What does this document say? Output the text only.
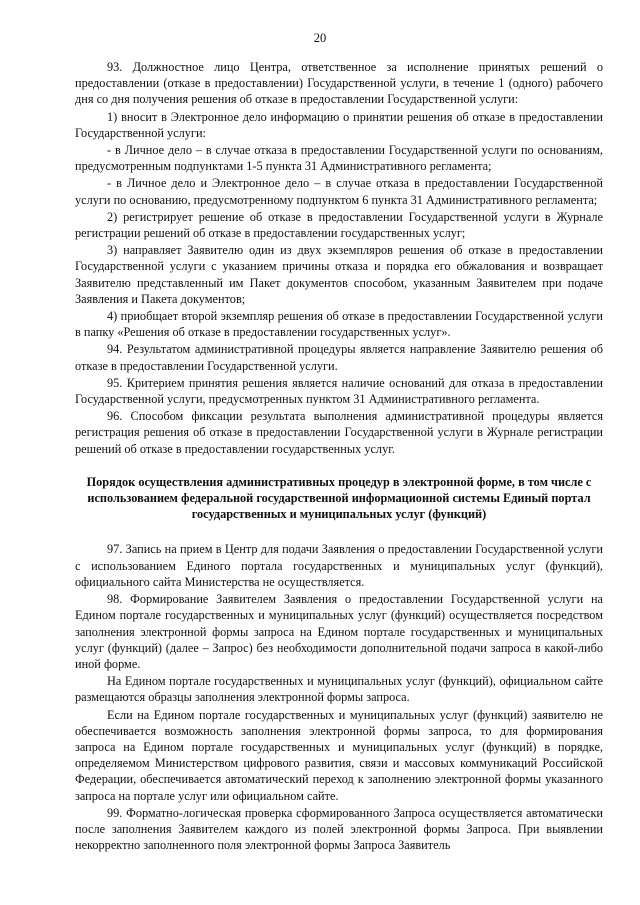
20

93. Должностное лицо Центра, ответственное за исполнение принятых решений о предоставлении (отказе в предоставлении) Государственной услуги, в течение 1 (одного) рабочего дня со дня получения решения об отказе в предоставлении Государственной услуги:

1) вносит в Электронное дело информацию о принятии решения об отказе в предоставлении Государственной услуги:

- в Личное дело – в случае отказа в предоставлении Государственной услуги по основаниям, предусмотренным подпунктами 1-5 пункта 31 Административного регламента;

- в Личное дело и Электронное дело – в случае отказа в предоставлении Государственной услуги по основанию, предусмотренному подпунктом 6 пункта 31 Административного регламента;

2) регистрирует решение об отказе в предоставлении Государственной услуги в Журнале регистрации решений об отказе в предоставлении государственных услуг;

3) направляет Заявителю один из двух экземпляров решения об отказе в предоставлении Государственной услуги с указанием причины отказа и порядка его обжалования и возвращает Заявителю представленный им Пакет документов способом, указанным Заявителем при подаче Заявления и Пакета документов;

4) приобщает второй экземпляр решения об отказе в предоставлении Государственной услуги в папку «Решения об отказе в предоставлении государственных услуг».

94. Результатом административной процедуры является направление Заявителю решения об отказе в предоставлении Государственной услуги.

95. Критерием принятия решения является наличие оснований для отказа в предоставлении Государственной услуги, предусмотренных пунктом 31 Административного регламента.

96. Способом фиксации результата выполнения административной процедуры является регистрация решения об отказе в предоставлении Государственной услуги в Журнале регистрации решений об отказе в предоставлении государственных услуг.

Порядок осуществления административных процедур в электронной форме, в том числе с использованием федеральной государственной информационной системы Единый портал государственных и муниципальных услуг (функций)

97. Запись на прием в Центр для подачи Заявления о предоставлении Государственной услуги с использованием Единого портала государственных и муниципальных услуг (функций), официального сайта Министерства не осуществляется.

98. Формирование Заявителем Заявления о предоставлении Государственной услуги на Едином портале государственных и муниципальных услуг (функций) осуществляется посредством заполнения электронной формы запроса на Едином портале государственных и муниципальных услуг (функций) (далее – Запрос) без необходимости дополнительной подачи запроса в какой-либо иной форме.

На Едином портале государственных и муниципальных услуг (функций), официальном сайте размещаются образцы заполнения электронной формы запроса.

Если на Едином портале государственных и муниципальных услуг (функций) заявителю не обеспечивается возможность заполнения электронной формы запроса, то для формирования запроса на Едином портале государственных и муниципальных услуг (функций) в порядке, определяемом Министерством цифрового развития, связи и массовых коммуникаций Российской Федерации, обеспечивается автоматический переход к заполнению электронной формы указанного запроса на портале услуг или официальном сайте.

99. Форматно-логическая проверка сформированного Запроса осуществляется автоматически после заполнения Заявителем каждого из полей электронной формы Запроса. При выявлении некорректно заполненного поля электронной формы Запроса Заявитель
